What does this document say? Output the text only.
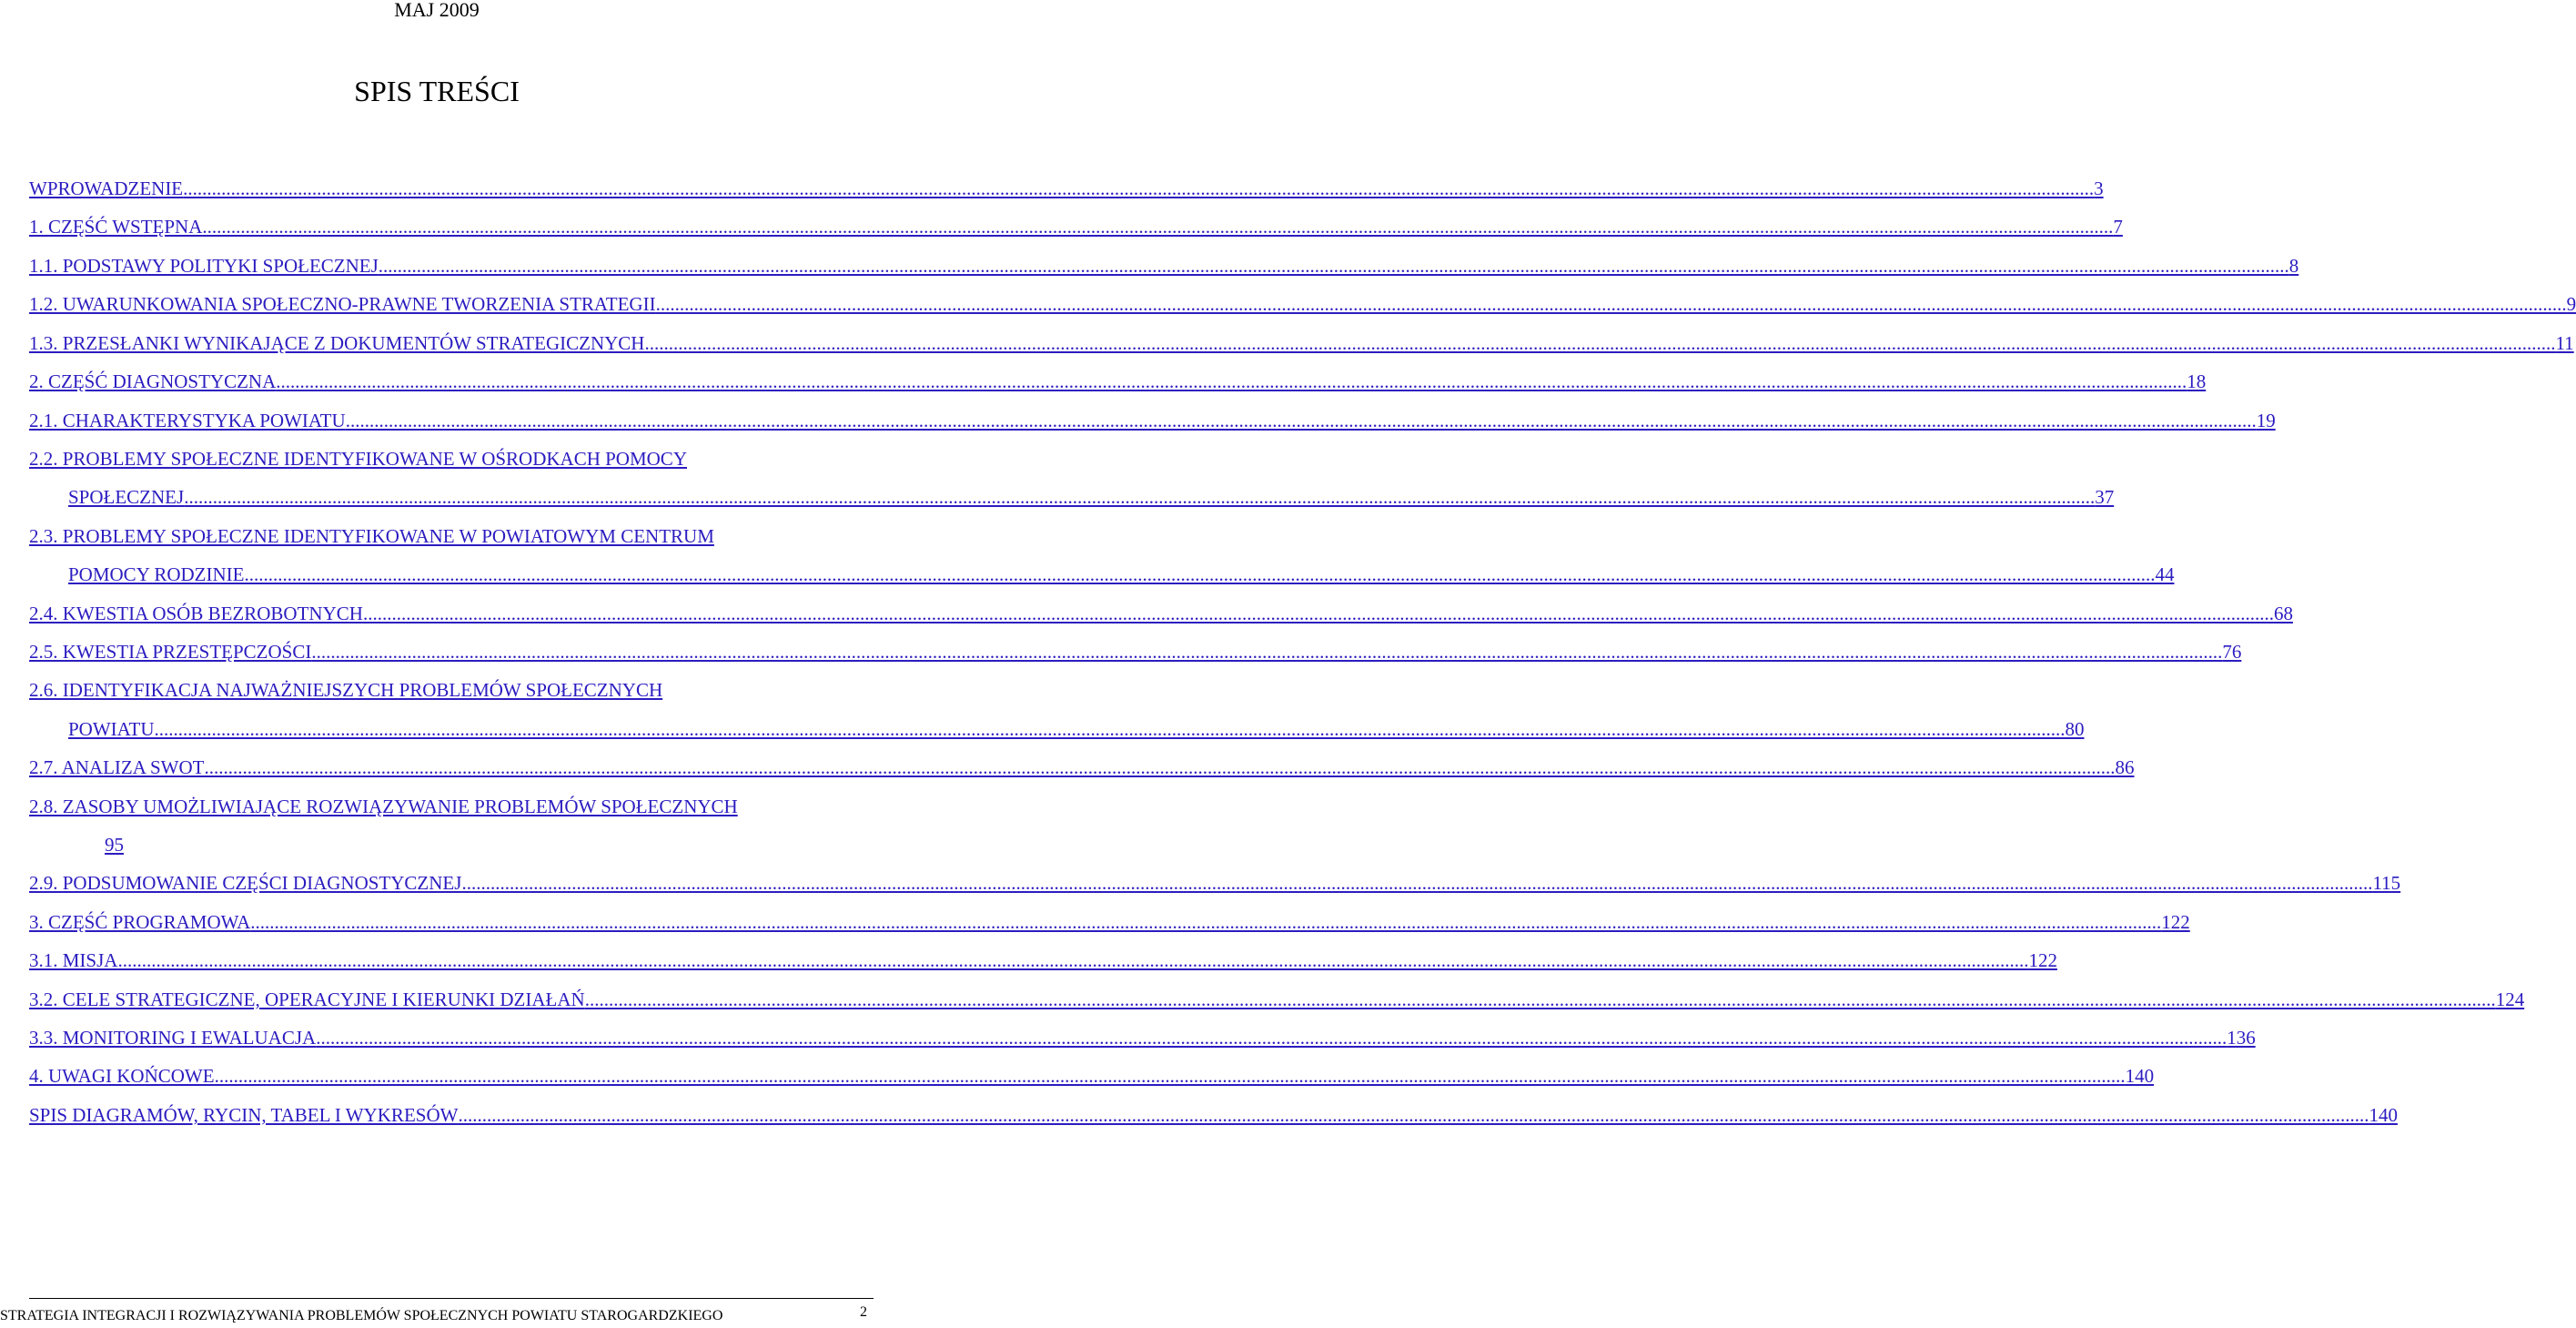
MAJ 2009
SPIS TREŚCI
WPROWADZENIE ................................................................................................................................................................................................................................................................................................................................................................................................................ 3
1. CZĘŚĆ WSTĘPNA ................................................................................................................................................................................................................................................................................................................................................................................................................ 7
1.1. PODSTAWY POLITYKI SPOŁECZNEJ ................................................................................................................................................................................................................................................................................................................................................................................................................ 8
1.2. UWARUNKOWANIA SPOŁECZNO-PRAWNE TWORZENIA STRATEGII ................................................................................................................................................................................................................................................................................................................................................................................................................ 9
1.3. PRZESŁANKI WYNIKAJĄCE Z DOKUMENTÓW STRATEGICZNYCH ................................................................................................................................................................................................................................................................................................................................................................................................................ 11
2. CZĘŚĆ DIAGNOSTYCZNA ................................................................................................................................................................................................................................................................................................................................................................................................................ 18
2.1. CHARAKTERYSTYKA POWIATU ................................................................................................................................................................................................................................................................................................................................................................................................................ 19
2.2. PROBLEMY SPOŁECZNE IDENTYFIKOWANE W OŚRODKACH POMOCY
SPOŁECZNEJ ................................................................................................................................................................................................................................................................................................................................................................................................................ 37
2.3. PROBLEMY SPOŁECZNE IDENTYFIKOWANE W POWIATOWYM CENTRUM
POMOCY RODZINIE ................................................................................................................................................................................................................................................................................................................................................................................................................ 44
2.4. KWESTIA OSÓB BEZROBOTNYCH ................................................................................................................................................................................................................................................................................................................................................................................................................ 68
2.5. KWESTIA PRZESTĘPCZOŚCI ................................................................................................................................................................................................................................................................................................................................................................................................................ 76
2.6. IDENTYFIKACJA NAJWAŻNIEJSZYCH PROBLEMÓW SPOŁECZNYCH
POWIATU ................................................................................................................................................................................................................................................................................................................................................................................................................ 80
2.7. ANALIZA SWOT ................................................................................................................................................................................................................................................................................................................................................................................................................ 86
2.8. ZASOBY UMOŻLIWIAJĄCE ROZWIĄZYWANIE PROBLEMÓW SPOŁECZNYCH
95
2.9. PODSUMOWANIE CZĘŚCI DIAGNOSTYCZNEJ ................................................................................................................................................................................................................................................................................................................................................................................................................ 115
3. CZĘŚĆ PROGRAMOWA ................................................................................................................................................................................................................................................................................................................................................................................................................ 122
3.1. MISJA ................................................................................................................................................................................................................................................................................................................................................................................................................ 122
3.2. CELE STRATEGICZNE, OPERACYJNE I KIERUNKI DZIAŁAŃ ................................................................................................................................................................................................................................................................................................................................................................................................................ 124
3.3. MONITORING I EWALUACJA ................................................................................................................................................................................................................................................................................................................................................................................................................ 136
4. UWAGI KOŃCOWE ................................................................................................................................................................................................................................................................................................................................................................................................................ 140
SPIS DIAGRAMÓW, RYCIN, TABEL I WYKRESÓW ................................................................................................................................................................................................................................................................................................................................................................................................................ 140
STRATEGIA INTEGRACJI I ROZWIĄZYWANIA PROBLEMÓW SPOŁECZNYCH POWIATU STAROGARDZKIEGO	2
